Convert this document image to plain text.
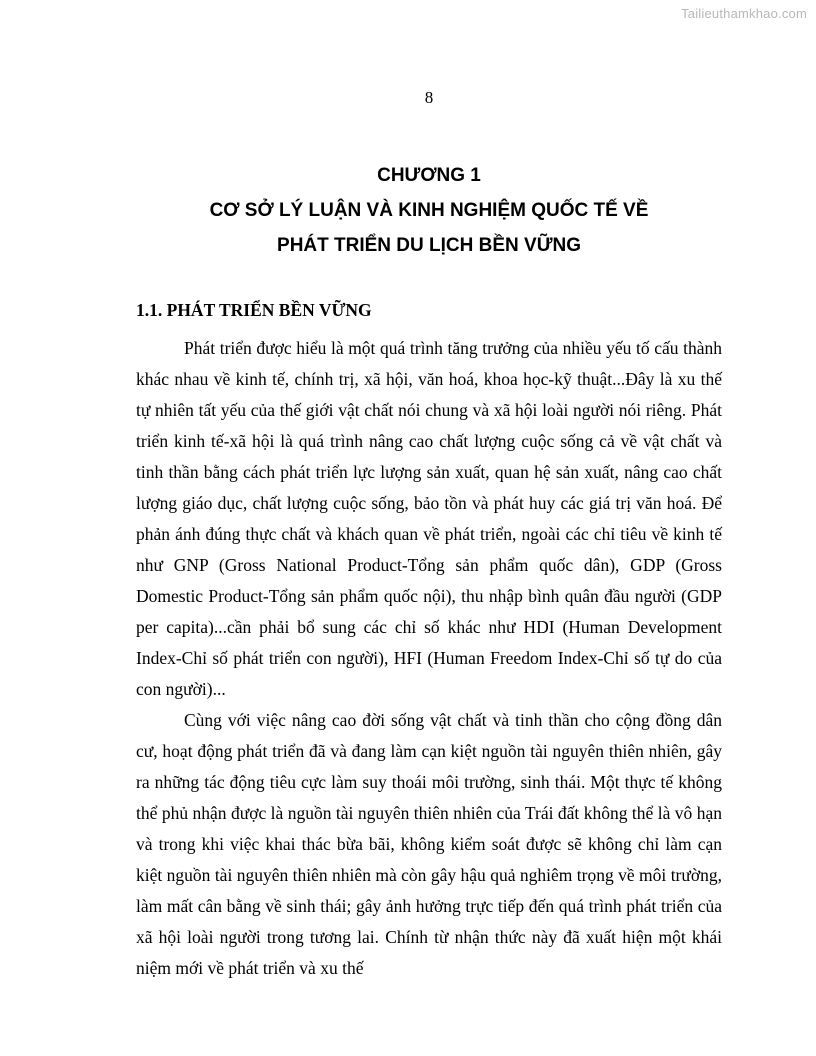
Tailieuthamkhao.com
8
CHƯƠNG 1
CƠ SỞ LÝ LUẬN VÀ KINH NGHIỆM QUỐC TẾ VỀ
PHÁT TRIỂN DU LỊCH BỀN VỮNG
1.1. PHÁT TRIỂN BỀN VỮNG

Phát triển được hiểu là một quá trình tăng trưởng của nhiều yếu tố cấu thành khác nhau về kinh tế, chính trị, xã hội, văn hoá, khoa học-kỹ thuật...Đây là xu thế tự nhiên tất yếu của thế giới vật chất nói chung và xã hội loài người nói riêng. Phát triển kinh tế-xã hội là quá trình nâng cao chất lượng cuộc sống cả về vật chất và tinh thần bằng cách phát triển lực lượng sản xuất, quan hệ sản xuất, nâng cao chất lượng giáo dục, chất lượng cuộc sống, bảo tồn và phát huy các giá trị văn hoá. Để phản ánh đúng thực chất và khách quan về phát triển, ngoài các chỉ tiêu về kinh tế như GNP (Gross National Product-Tổng sản phẩm quốc dân), GDP (Gross Domestic Product-Tổng sản phẩm quốc nội), thu nhập bình quân đầu người (GDP per capita)...cần phải bổ sung các chỉ số khác như HDI (Human Development Index-Chỉ số phát triển con người), HFI (Human Freedom Index-Chỉ số tự do của con người)...

Cùng với việc nâng cao đời sống vật chất và tinh thần cho cộng đồng dân cư, hoạt động phát triển đã và đang làm cạn kiệt nguồn tài nguyên thiên nhiên, gây ra những tác động tiêu cực làm suy thoái môi trường, sinh thái. Một thực tế không thể phủ nhận được là nguồn tài nguyên thiên nhiên của Trái đất không thể là vô hạn và trong khi việc khai thác bừa bãi, không kiểm soát được sẽ không chỉ làm cạn kiệt nguồn tài nguyên thiên nhiên mà còn gây hậu quả nghiêm trọng về môi trường, làm mất cân bằng về sinh thái; gây ảnh hưởng trực tiếp đến quá trình phát triển của xã hội loài người trong tương lai. Chính từ nhận thức này đã xuất hiện một khái niệm mới về phát triển và xu thế
